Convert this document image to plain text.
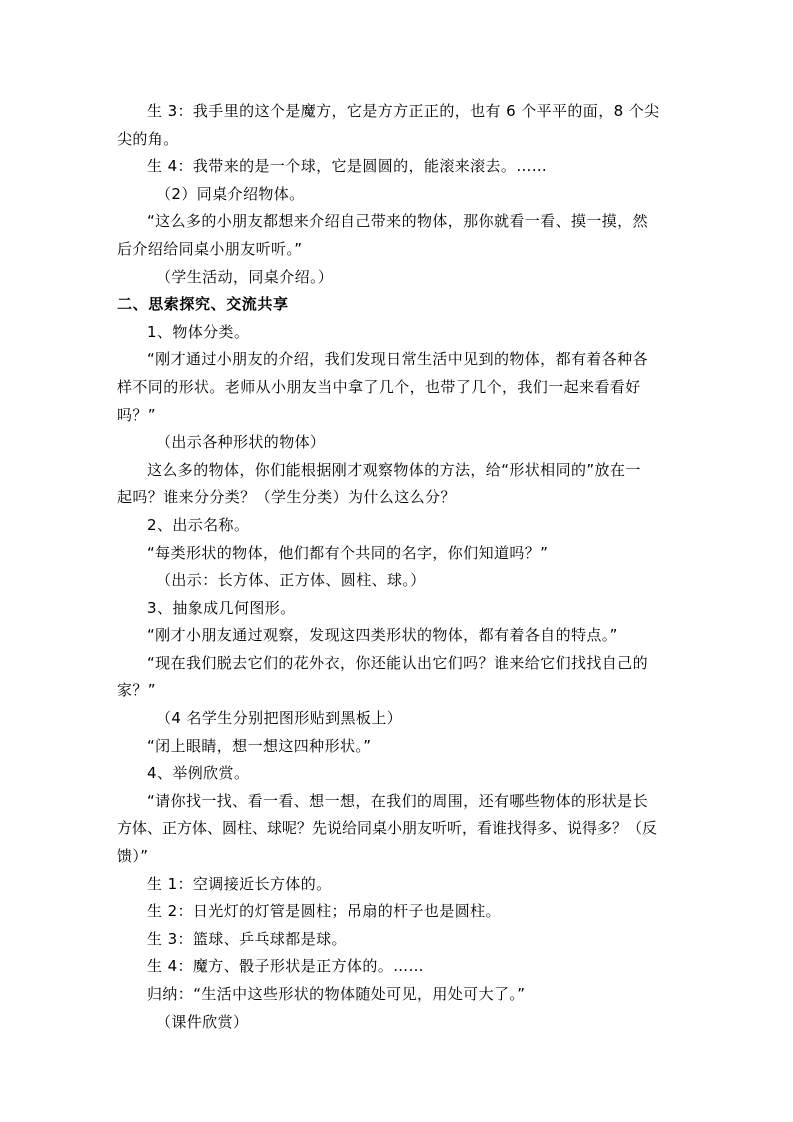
生 3：我手里的这个是魔方，它是方方正正的，也有 6 个平平的面，8 个尖
尖的角。
生 4：我带来的是一个球，它是圆圆的，能滚来滚去。……
（2）同桌介绍物体。
“这么多的小朋友都想来介绍自己带来的物体，那你就看一看、摸一摸，然
后介绍给同桌小朋友听听。”
（学生活动，同桌介绍。）
二、思索探究、交流共享
1、物体分类。
“刚才通过小朋友的介绍，我们发现日常生活中见到的物体，都有着各种各
样不同的形状。老师从小朋友当中拿了几个，也带了几个，我们一起来看看好
吗？”
（出示各种形状的物体）
这么多的物体，你们能根据刚才观察物体的方法，给“形状相同的”放在一
起吗？谁来分分类？（学生分类）为什么这么分？
2、出示名称。
“每类形状的物体，他们都有个共同的名字，你们知道吗？”
（出示：长方体、正方体、圆柱、球。）
3、抽象成几何图形。
“刚才小朋友通过观察，发现这四类形状的物体，都有着各自的特点。”
“现在我们脱去它们的花外衣，你还能认出它们吗？谁来给它们找找自己的
家？”
（4 名学生分别把图形贴到黑板上）
“闭上眼睛，想一想这四种形状。”
4、举例欣赏。
“请你找一找、看一看、想一想，在我们的周围，还有哪些物体的形状是长
方体、正方体、圆柱、球呢？先说给同桌小朋友听听，看谁找得多、说得多？（反
馈）”
生 1：空调接近长方体的。
生 2：日光灯的灯管是圆柱；吊扇的杆子也是圆柱。
生 3：篮球、乒乓球都是球。
生 4：魔方、骰子形状是正方体的。……
归纳：“生活中这些形状的物体随处可见，用处可大了。”
（课件欣赏）
